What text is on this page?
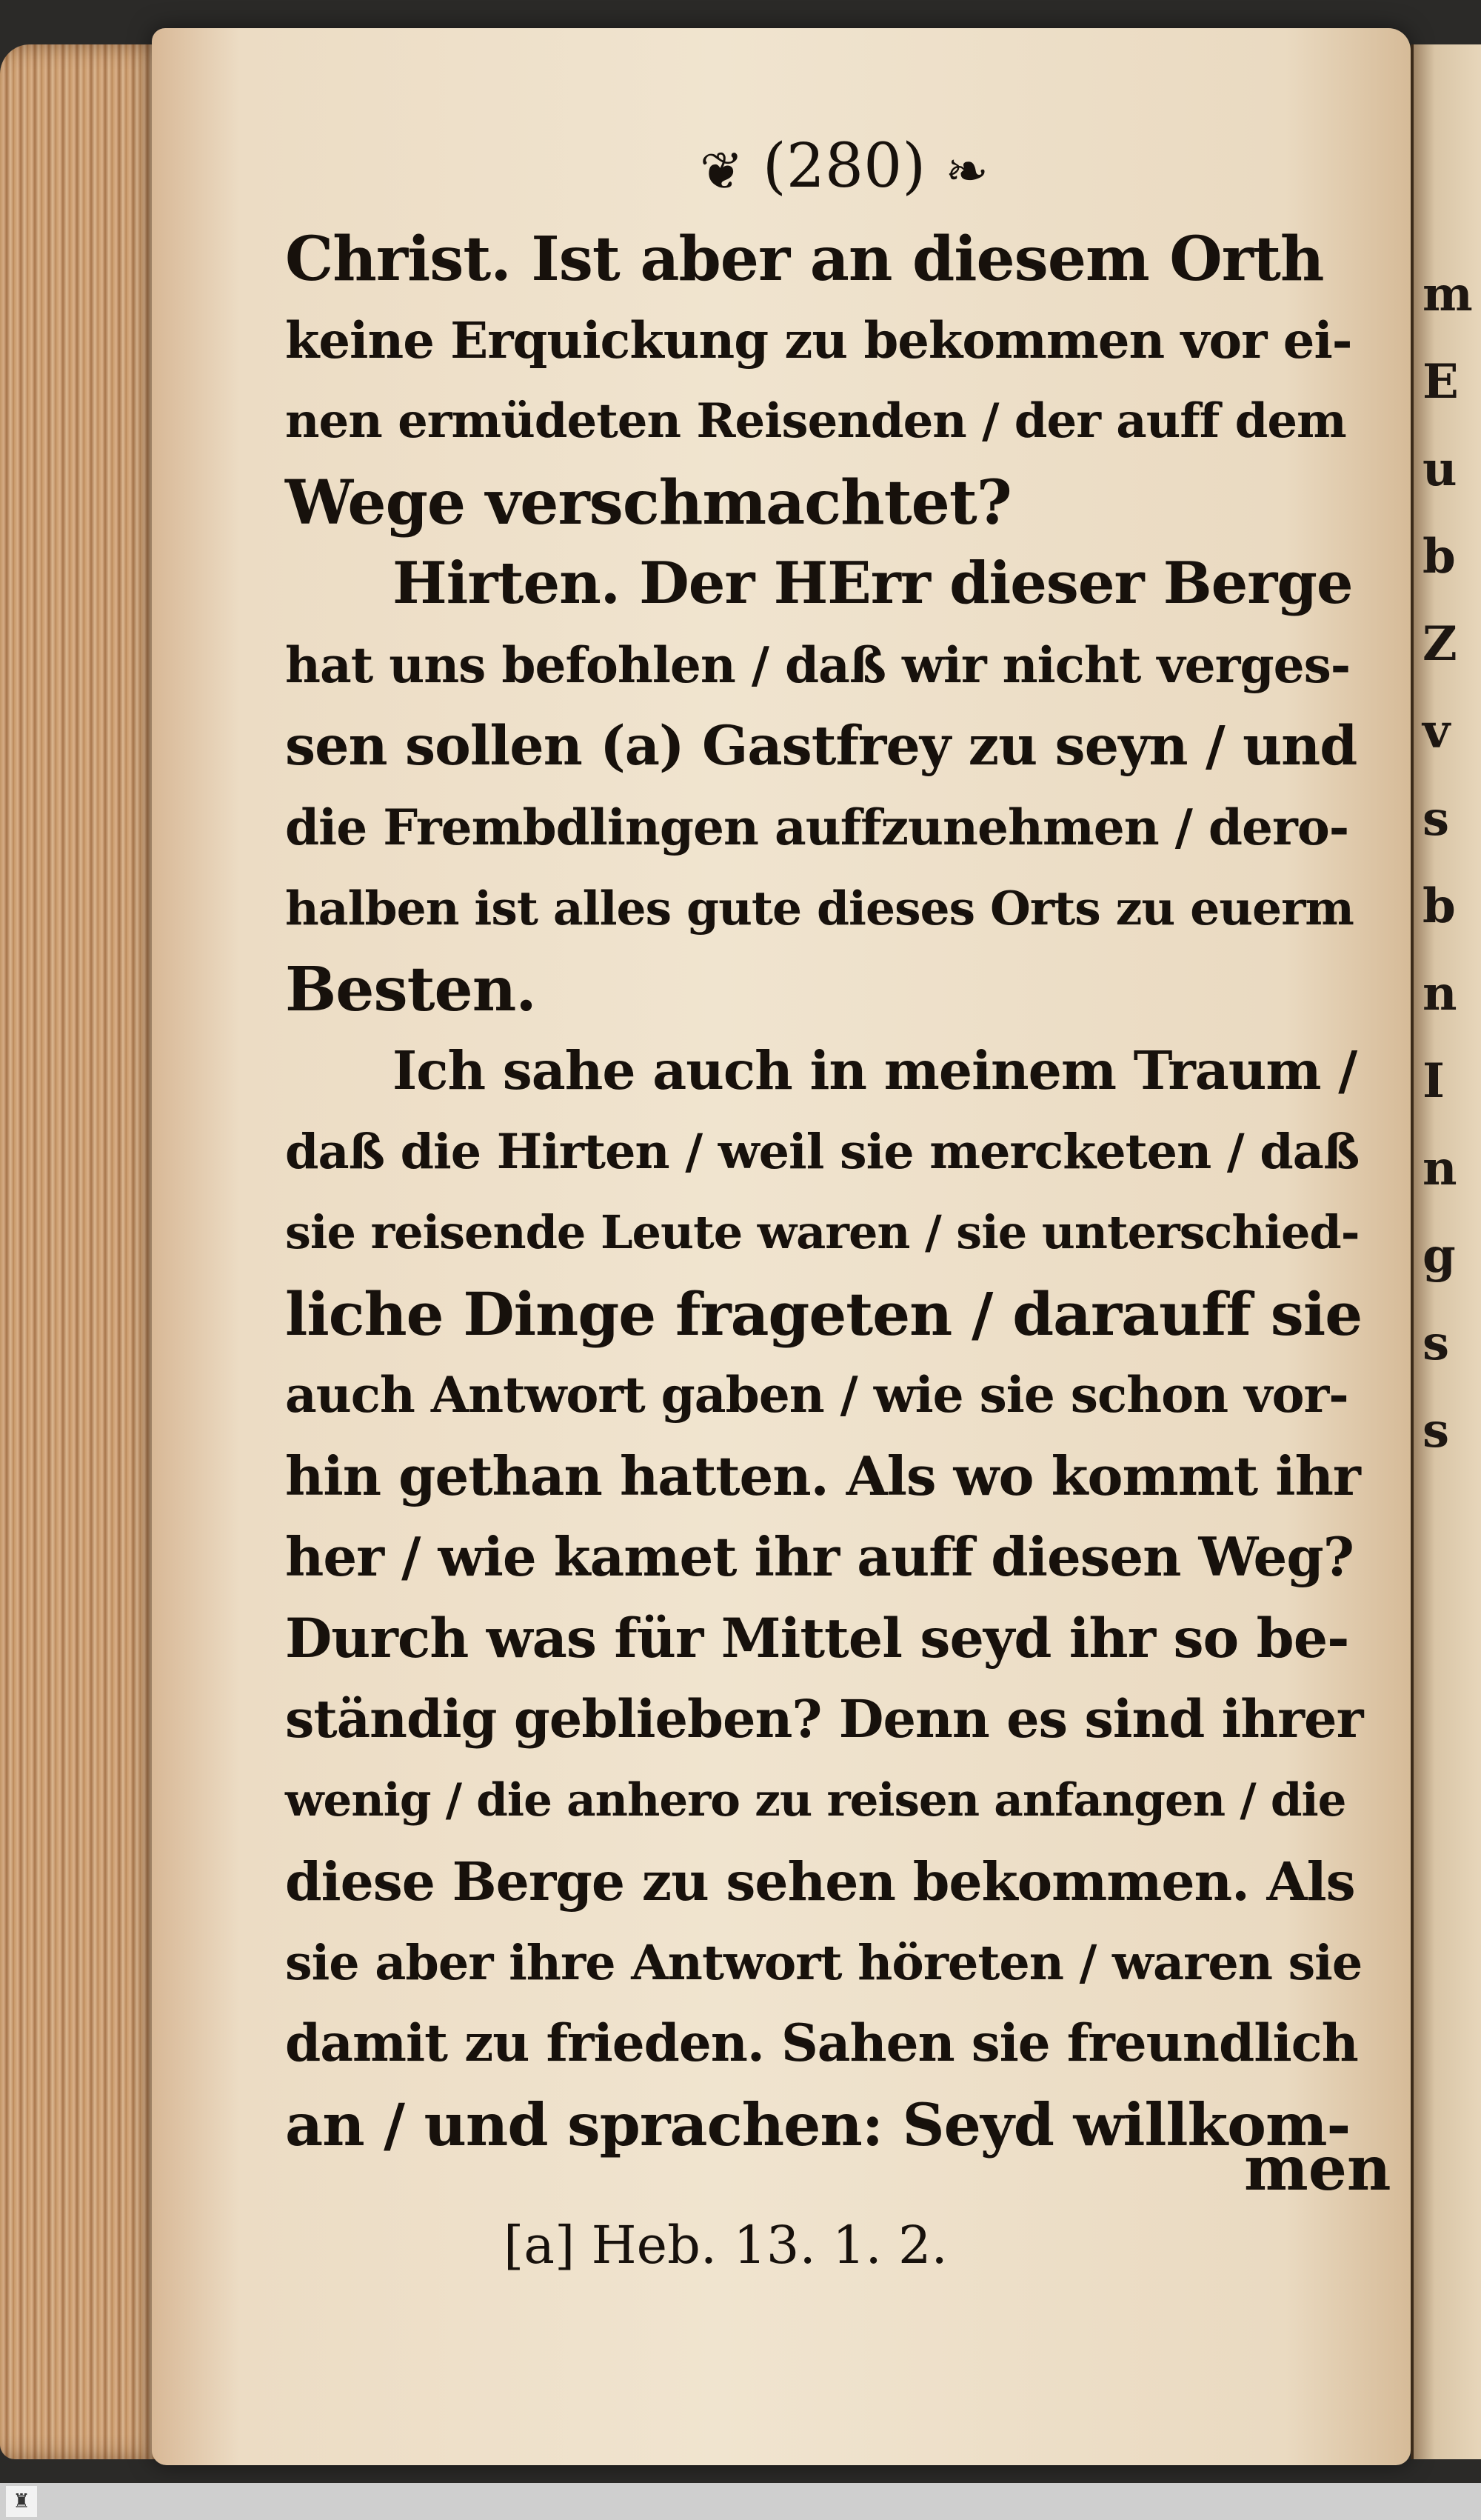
m
E
u
b
Z
v
s
b
n
I
n
g
s
s
❦ (280) ❧
Christ. Ist aber an diesem Orth
keine Erquickung zu bekommen vor ei-
nen ermüdeten Reisenden / der auff dem
Wege verschmachtet?
Hirten. Der HErr dieser Berge
hat uns befohlen / daß wir nicht verges-
sen sollen (a) Gastfrey zu seyn / und
die Frembdlingen auffzunehmen / dero-
halben ist alles gute dieses Orts zu euerm
Besten.
Ich sahe auch in meinem Traum /
daß die Hirten / weil sie mercketen / daß
sie reisende Leute waren / sie unterschied-
liche Dinge frageten / darauff sie
auch Antwort gaben / wie sie schon vor-
hin gethan hatten. Als wo kommt ihr
her / wie kamet ihr auff diesen Weg?
Durch was für Mittel seyd ihr so be-
ständig geblieben? Denn es sind ihrer
wenig / die anhero zu reisen anfangen / die
diese Berge zu sehen bekommen. Als
sie aber ihre Antwort höreten / waren sie
damit zu frieden. Sahen sie freundlich
an / und sprachen: Seyd willkom-
men
[a] Heb. 13. 1. 2.
♜
